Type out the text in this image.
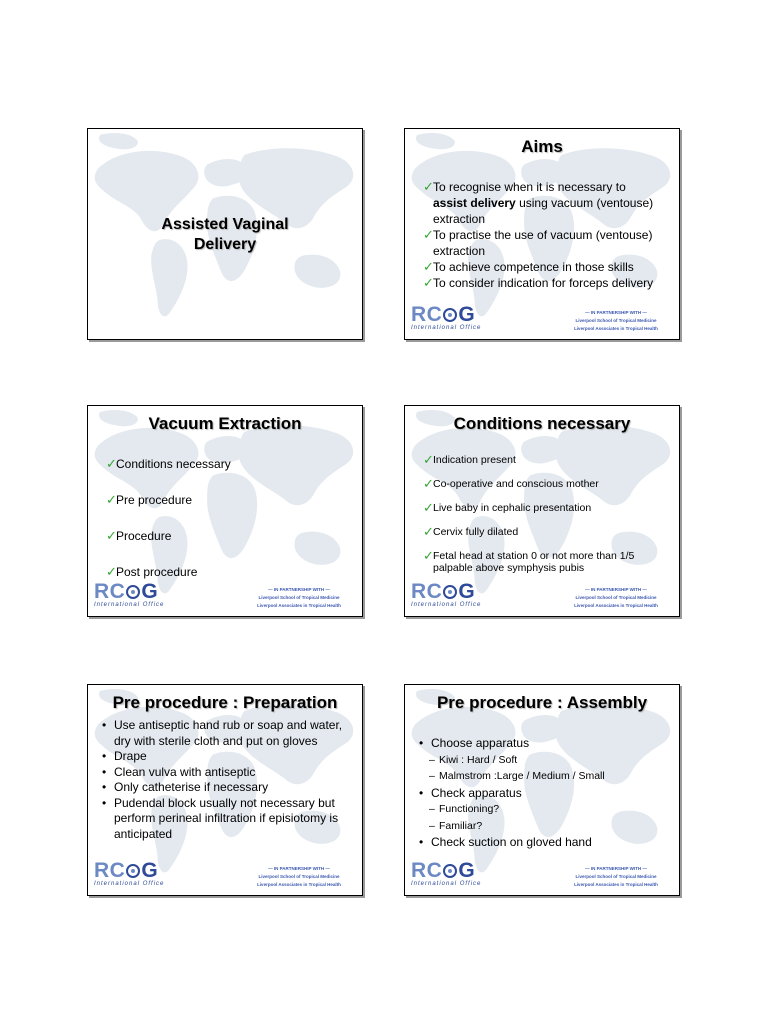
Assisted Vaginal
Delivery
Aims
✓ To recognise when it is necessary to
assist delivery using vacuum (ventouse) extraction
✓ To practise the use of vacuum (ventouse) extraction
✓ To achieve competence in those skills
✓ To consider indication for forceps delivery
RC G
International Office
— IN PARTNERSHIP WITH —
Liverpool School of Tropical Medicine
Liverpool Associates in Tropical Health
Vacuum Extraction
✓ Conditions necessary
✓ Pre procedure
✓ Procedure
✓ Post procedure
RC G
International Office
— IN PARTNERSHIP WITH —
Liverpool School of Tropical Medicine
Liverpool Associates in Tropical Health
Conditions necessary
✓ Indication present
✓ Co-operative and conscious mother
✓ Live baby in cephalic presentation
✓ Cervix fully dilated
✓ Fetal head at station 0 or not more than 1/5 palpable above symphysis pubis
RC G
International Office
— IN PARTNERSHIP WITH —
Liverpool School of Tropical Medicine
Liverpool Associates in Tropical Health
Pre procedure : Preparation
• Use antiseptic hand rub or soap and water, dry with sterile cloth and put on gloves
• Drape
• Clean vulva with antiseptic
• Only catheterise if necessary
• Pudendal block usually not necessary but perform perineal infiltration if episiotomy is anticipated
RC G
International Office
— IN PARTNERSHIP WITH —
Liverpool School of Tropical Medicine
Liverpool Associates in Tropical Health
Pre procedure : Assembly
• Choose apparatus
– Kiwi : Hard / Soft
– Malmstrom :Large / Medium / Small
• Check apparatus
– Functioning?
– Familiar?
• Check suction on gloved hand
RC G
International Office
— IN PARTNERSHIP WITH —
Liverpool School of Tropical Medicine
Liverpool Associates in Tropical Health
